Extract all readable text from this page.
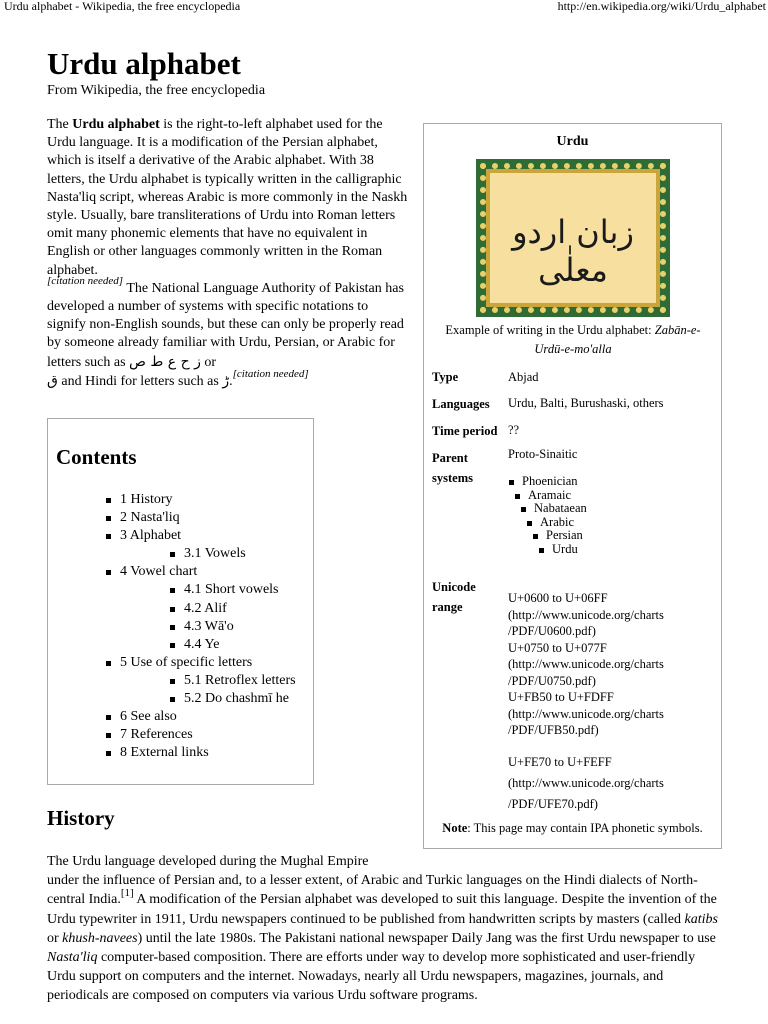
Urdu alphabet - Wikipedia, the free encyclopedia	http://en.wikipedia.org/wiki/Urdu_alphabet
Urdu alphabet
From Wikipedia, the free encyclopedia

The Urdu alphabet is the right-to-left alphabet used for the Urdu language. It is a modification of the Persian alphabet, which is itself a derivative of the Arabic alphabet. With 38 letters, the Urdu alphabet is typically written in the calligraphic Nasta'liq script, whereas Arabic is more commonly in the Naskh style. Usually, bare transliterations of Urdu into Roman letters omit many phonemic elements that have no equivalent in English or other languages commonly written in the Roman alphabet.
[citation needed] The National Language Authority of Pakistan has developed a number of systems with specific notations to signify non-English sounds, but these can only be properly read by someone already familiar with Urdu, Persian, or Arabic for letters such as ز ح ع ط ص or
ق and Hindi for letters such as ڑ.[citation needed]

Contents
1 History
2 Nasta'liq
3 Alphabet
3.1 Vowels
4 Vowel chart
4.1 Short vowels
4.2 Alif
4.3 Wā'o
4.4 Ye
5 Use of specific letters
5.1 Retroflex letters
5.2 Do chashmī he
6 See also
7 References
8 External links
History

The Urdu language developed during the Mughal Empire
under the influence of Persian and, to a lesser extent, of Arabic and Turkic languages on the Hindi dialects of North-central India.[1] A modification of the Persian alphabet was developed to suit this language. Despite the invention of the Urdu typewriter in 1911, Urdu newspapers continued to be published from handwritten scripts by masters (called katibs or khush-navees) until the late 1980s. The Pakistani national newspaper Daily Jang was the first Urdu newspaper to use Nasta'liq computer-based composition. There are efforts under way to develop more sophisticated and user-friendly Urdu support on computers and the internet. Nowadays, nearly all Urdu newspapers, magazines, journals, and periodicals are composed on computers via various Urdu software programs.

Urdu
زبان اردو معلٰی
Example of writing in the Urdu alphabet: Zabān-e-Urdū-e-mo'alla
Type	Abjad
Languages Urdu, Balti, Burushaski, others
Time period ??
Parent
systems
Proto-Sinaitic
Phoenician
Aramaic
Nabataean
Arabic
Persian
Urdu
Unicode
range
U+0600 to U+06FF
(http://www.unicode.org/charts
/PDF/U0600.pdf)
U+0750 to U+077F
(http://www.unicode.org/charts
/PDF/U0750.pdf)
U+FB50 to U+FDFF
(http://www.unicode.org/charts
/PDF/UFB50.pdf)
U+FE70 to U+FEFF
(http://www.unicode.org/charts
/PDF/UFE70.pdf)
Note: This page may contain IPA phonetic symbols.
